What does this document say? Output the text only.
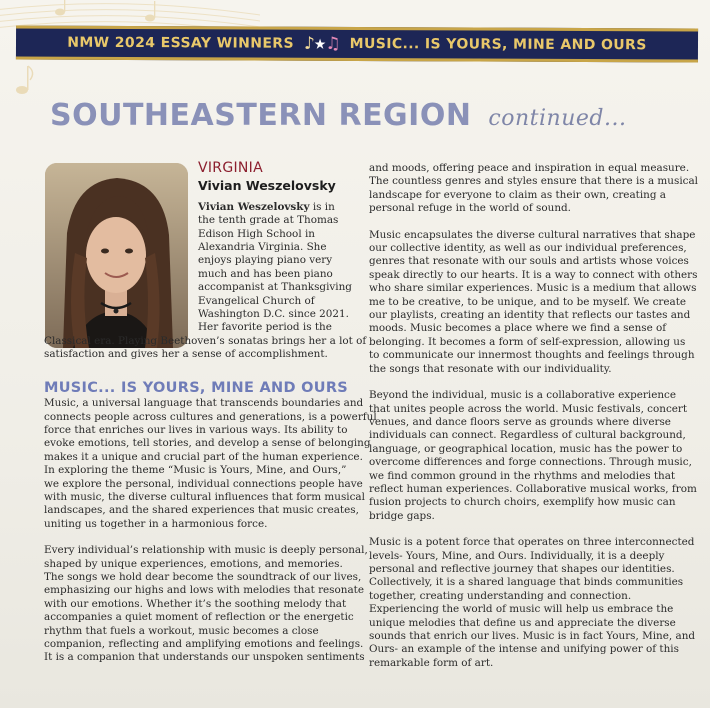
NMW 2024 ESSAY WINNERS ♪★♫ MUSIC... IS YOURS, MINE AND OURS
SOUTHEASTERN REGION continued...
VIRGINIA
Vivian Weszelovsky
Vivian Weszelovsky is in
the tenth grade at Thomas
Edison High School in
Alexandria Virginia. She
enjoys playing piano very
much and has been piano
accompanist at Thanksgiving
Evangelical Church of
Washington D.C. since 2021.
Her favorite period is the
Classical era. Playing Beethoven’s sonatas brings her a lot of
satisfaction and gives her a sense of accomplishment.
MUSIC... IS YOURS, MINE AND OURS
Music, a universal language that transcends boundaries and
connects people across cultures and generations, is a powerful
force that enriches our lives in various ways. Its ability to
evoke emotions, tell stories, and develop a sense of belonging
makes it a unique and crucial part of the human experience.
In exploring the theme “Music is Yours, Mine, and Ours,”
we explore the personal, individual connections people have
with music, the diverse cultural influences that form musical
landscapes, and the shared experiences that music creates,
uniting us together in a harmonious force.
Every individual’s relationship with music is deeply personal,
shaped by unique experiences, emotions, and memories.
The songs we hold dear become the soundtrack of our lives,
emphasizing our highs and lows with melodies that resonate
with our emotions. Whether it’s the soothing melody that
accompanies a quiet moment of reflection or the energetic
rhythm that fuels a workout, music becomes a close
companion, reflecting and amplifying emotions and feelings.
It is a companion that understands our unspoken sentiments
and moods, offering peace and inspiration in equal measure.
The countless genres and styles ensure that there is a musical
landscape for everyone to claim as their own, creating a
personal refuge in the world of sound.
Music encapsulates the diverse cultural narratives that shape
our collective identity, as well as our individual preferences,
genres that resonate with our souls and artists whose voices
speak directly to our hearts. It is a way to connect with others
who share similar experiences. Music is a medium that allows
me to be creative, to be unique, and to be myself. We create
our playlists, creating an identity that reflects our tastes and
moods. Music becomes a place where we find a sense of
belonging. It becomes a form of self-expression, allowing us
to communicate our innermost thoughts and feelings through
the songs that resonate with our individuality.
Beyond the individual, music is a collaborative experience
that unites people across the world. Music festivals, concert
venues, and dance floors serve as grounds where diverse
individuals can connect. Regardless of cultural background,
language, or geographical location, music has the power to
overcome differences and forge connections. Through music,
we find common ground in the rhythms and melodies that
reflect human experiences. Collaborative musical works, from
fusion projects to church choirs, exemplify how music can
bridge gaps.
Music is a potent force that operates on three interconnected
levels- Yours, Mine, and Ours. Individually, it is a deeply
personal and reflective journey that shapes our identities.
Collectively, it is a shared language that binds communities
together, creating understanding and connection.
Experiencing the world of music will help us embrace the
unique melodies that define us and appreciate the diverse
sounds that enrich our lives. Music is in fact Yours, Mine, and
Ours- an example of the intense and unifying power of this
remarkable form of art.
